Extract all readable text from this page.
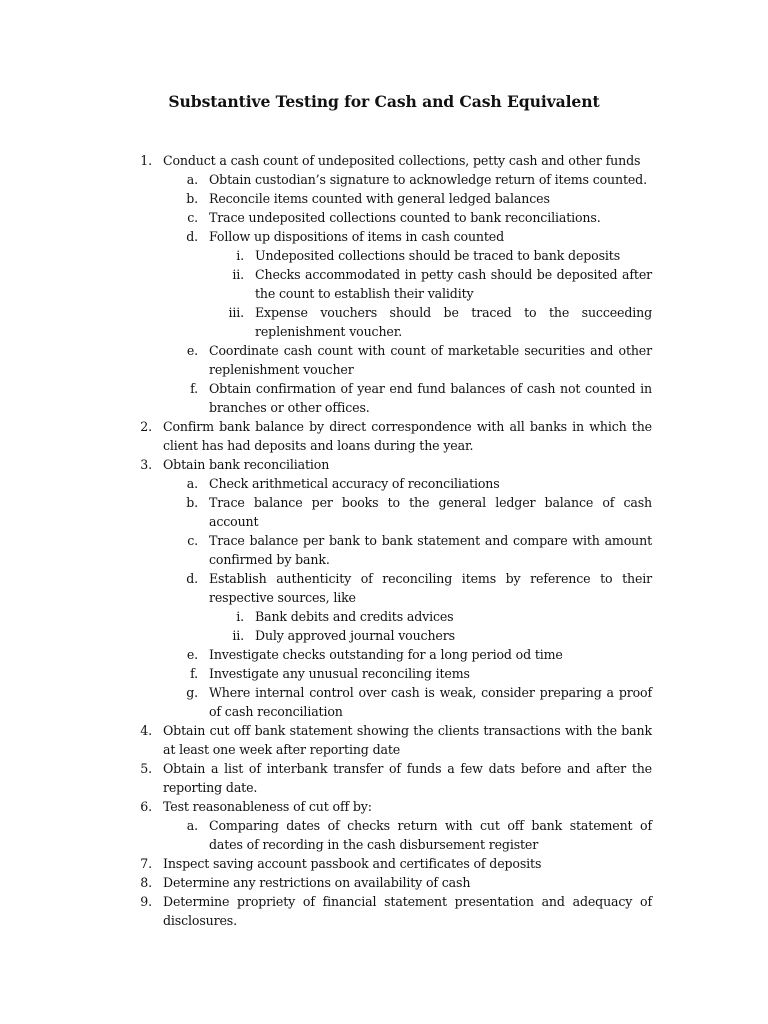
Substantive Testing for Cash and Cash Equivalent
1. Conduct a cash count of undeposited collections, petty cash and other funds
a. Obtain custodian’s signature to acknowledge return of items counted.
b. Reconcile items counted with general ledged balances
c. Trace undeposited collections counted to bank reconciliations.
d. Follow up dispositions of items in cash counted
i. Undeposited collections should be traced to bank deposits
ii. Checks accommodated in petty cash should be deposited after the count to establish their validity
iii. Expense vouchers should be traced to the succeeding replenishment voucher.
e. Coordinate cash count with count of marketable securities and other replenishment voucher
f. Obtain confirmation of year end fund balances of cash not counted in branches or other offices.
2. Confirm bank balance by direct correspondence with all banks in which the client has had deposits and loans during the year.
3. Obtain bank reconciliation
a. Check arithmetical accuracy of reconciliations
b. Trace balance per books to the general ledger balance of cash account
c. Trace balance per bank to bank statement and compare with amount confirmed by bank.
d. Establish authenticity of reconciling items by reference to their respective sources, like
i. Bank debits and credits advices
ii. Duly approved journal vouchers
e. Investigate checks outstanding for a long period od time
f. Investigate any unusual reconciling items
g. Where internal control over cash is weak, consider preparing a proof of cash reconciliation
4. Obtain cut off bank statement showing the clients transactions with the bank at least one week after reporting date
5. Obtain a list of interbank transfer of funds a few dats before and after the reporting date.
6. Test reasonableness of cut off by:
a. Comparing dates of checks return with cut off bank statement of dates of recording in the cash disbursement register
7. Inspect saving account passbook and certificates of deposits
8. Determine any restrictions on availability of cash
9. Determine propriety of financial statement presentation and adequacy of disclosures.
